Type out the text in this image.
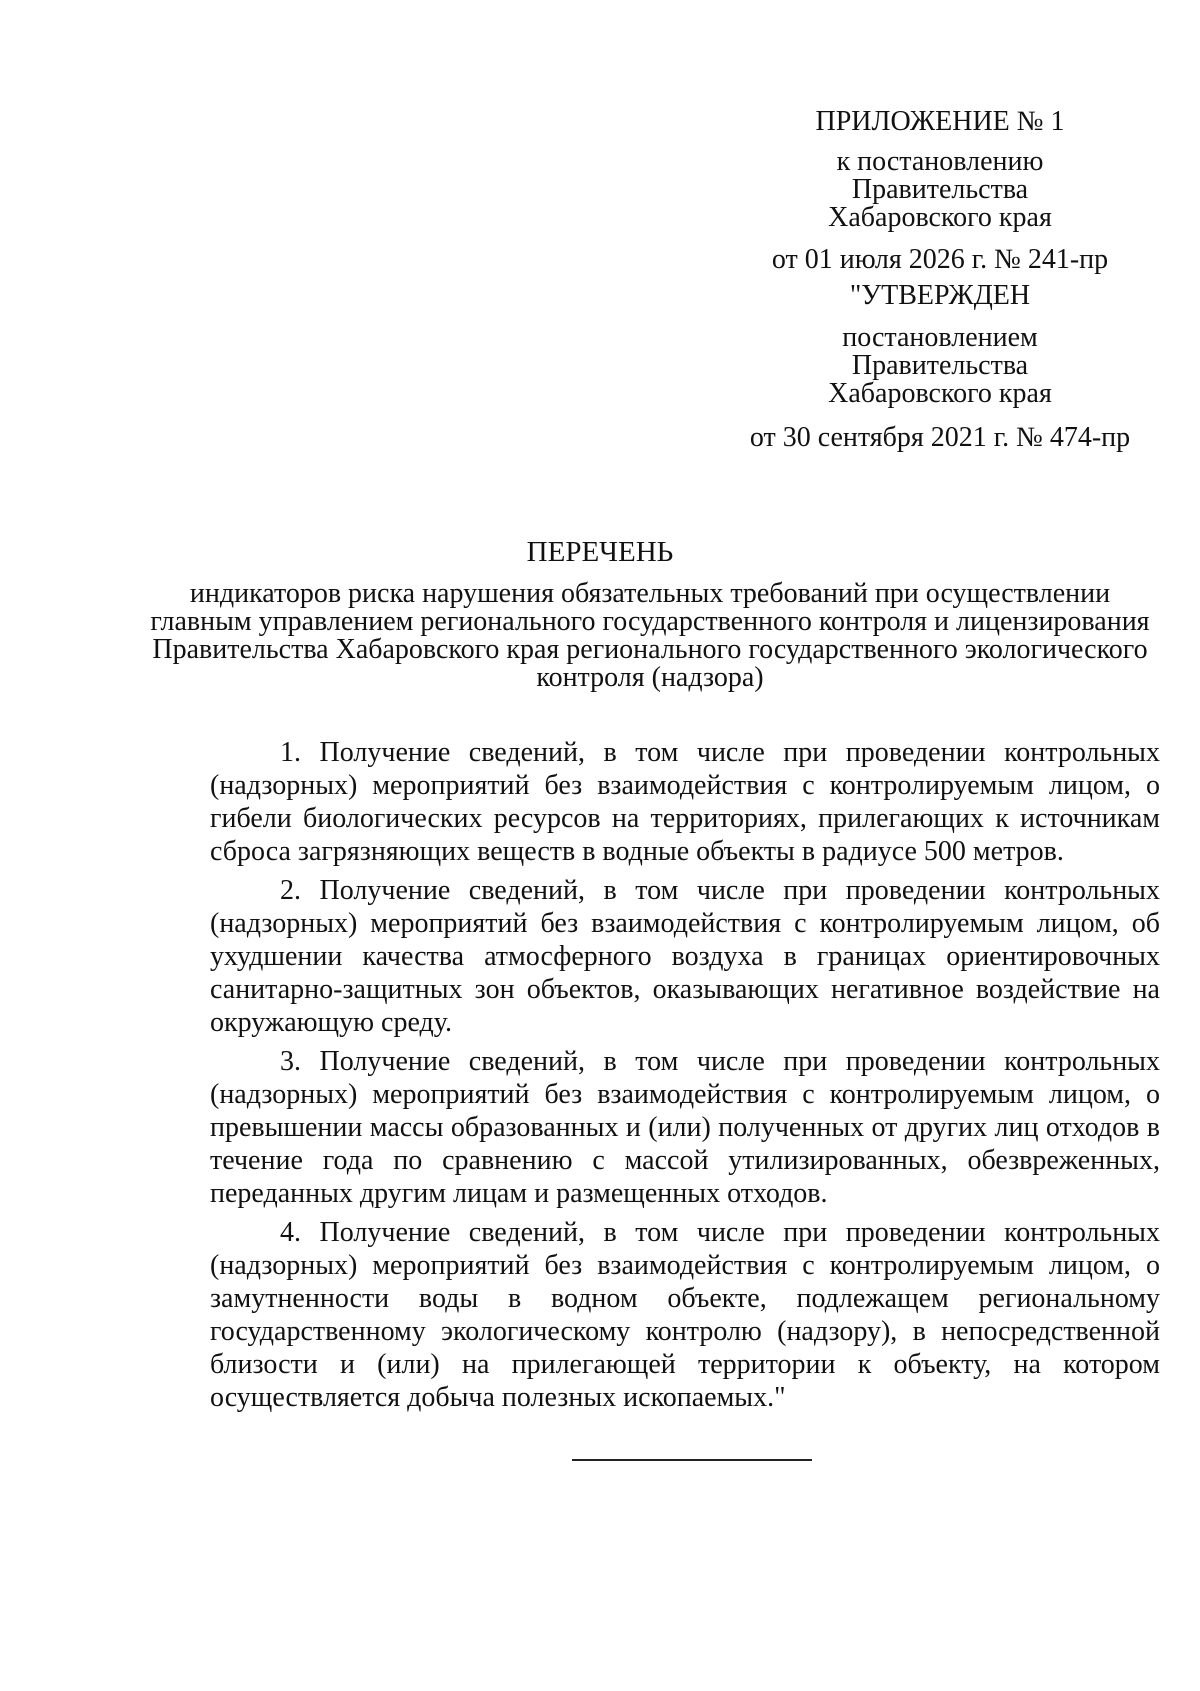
ПРИЛОЖЕНИЕ № 1
к постановлению
Правительства
Хабаровского края
от 01 июля 2026 г. № 241-пр
"УТВЕРЖДЕН
постановлением
Правительства
Хабаровского края
от 30 сентября 2021 г. № 474-пр
ПЕРЕЧЕНЬ
индикаторов риска нарушения обязательных требований при осуществлении главным управлением регионального государственного контроля и лицензирования Правительства Хабаровского края регионального государственного экологического контроля (надзора)

1. Получение сведений, в том числе при проведении контрольных (надзорных) мероприятий без взаимодействия с контролируемым лицом, о гибели биологических ресурсов на территориях, прилегающих к источникам сброса загрязняющих веществ в водные объекты в радиусе 500 метров.

2. Получение сведений, в том числе при проведении контрольных (надзорных) мероприятий без взаимодействия с контролируемым лицом, об ухудшении качества атмосферного воздуха в границах ориентировочных санитарно-защитных зон объектов, оказывающих негативное воздействие на окружающую среду.

3. Получение сведений, в том числе при проведении контрольных (надзорных) мероприятий без взаимодействия с контролируемым лицом, о превышении массы образованных и (или) полученных от других лиц отходов в течение года по сравнению с массой утилизированных, обезвреженных, переданных другим лицам и размещенных отходов.

4. Получение сведений, в том числе при проведении контрольных (надзорных) мероприятий без взаимодействия с контролируемым лицом, о замутненности воды в водном объекте, подлежащем региональному государственному экологическому контролю (надзору), в непосредственной близости и (или) на прилегающей территории к объекту, на котором осуществляется добыча полезных ископаемых."
